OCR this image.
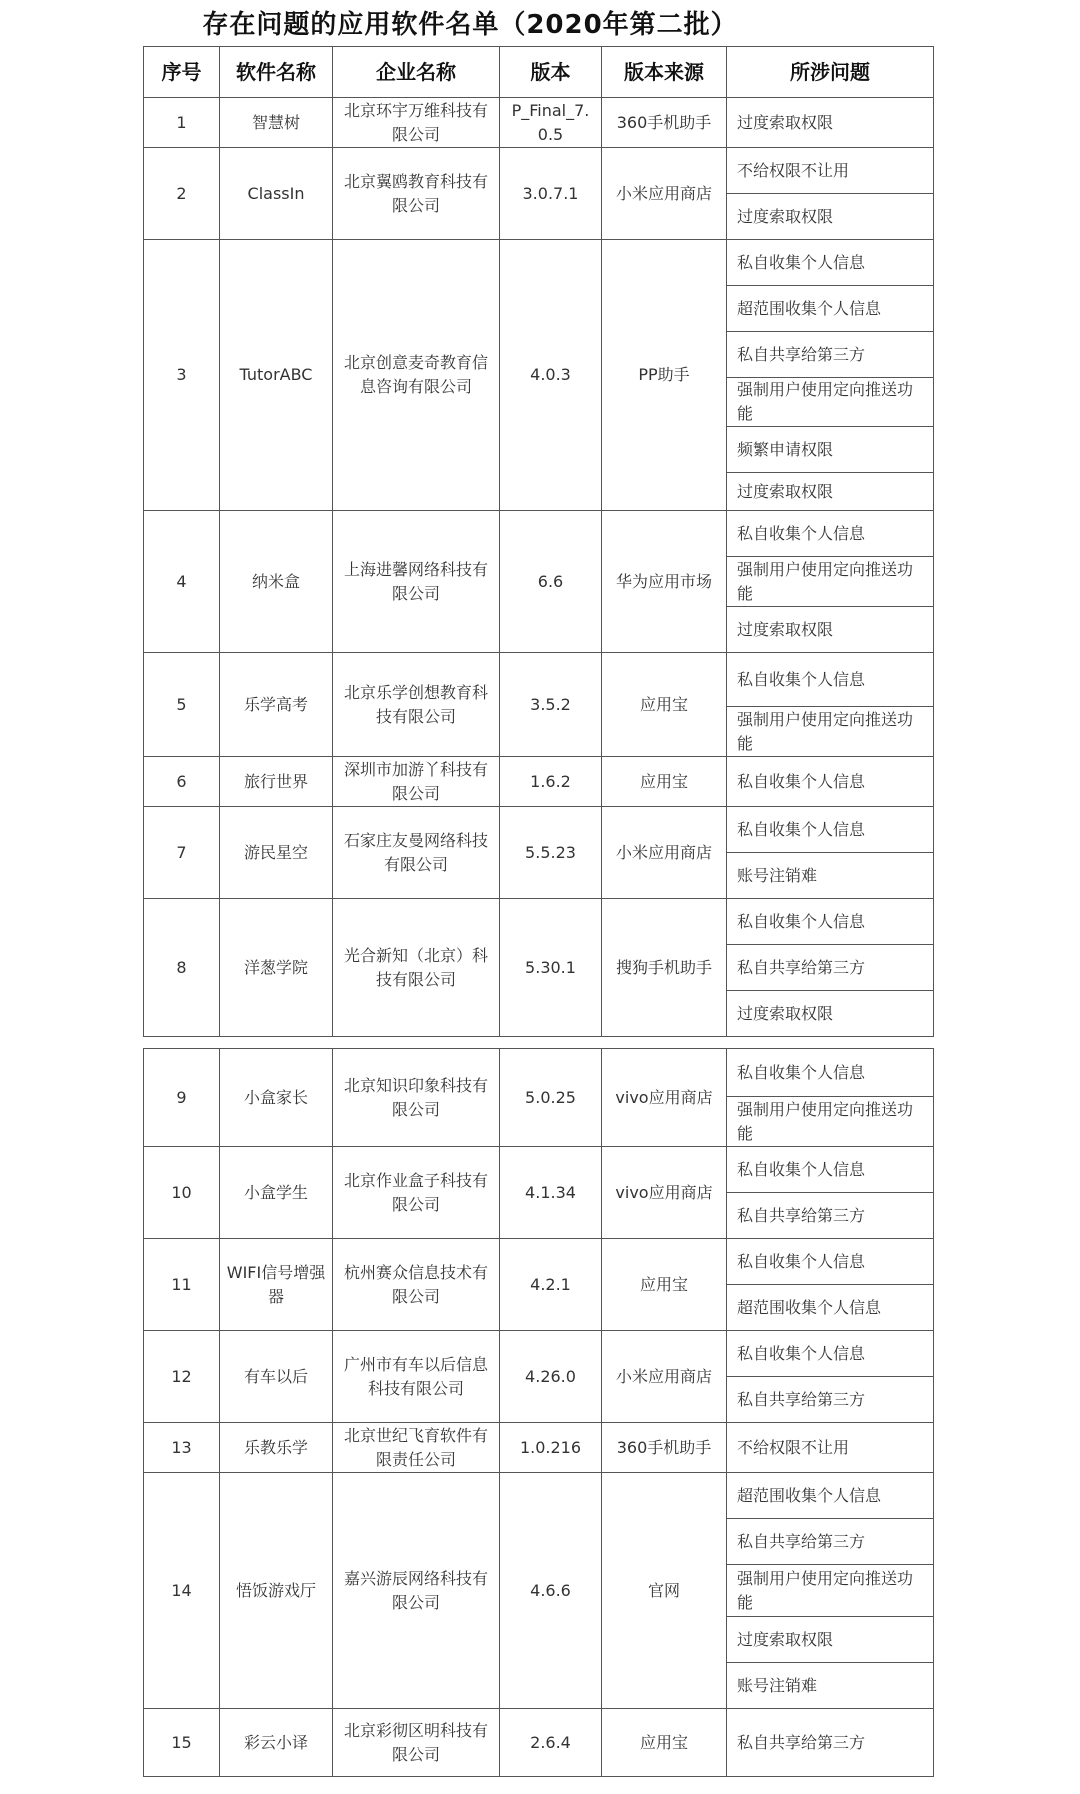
存在问题的应用软件名单（2020年第二批）
序号	软件名称	企业名称	版本	版本来源	所涉问题
1	智慧树	北京环宇万维科技有限公司	P_Final_7.0.5	360手机助手	过度索取权限
2	ClassIn	北京翼鸥教育科技有限公司	3.0.7.1	小米应用商店	不给权限不让用
					过度索取权限
3	TutorABC	北京创意麦奇教育信息咨询有限公司	4.0.3	PP助手	私自收集个人信息
					超范围收集个人信息
					私自共享给第三方
					强制用户使用定向推送功能
					频繁申请权限
					过度索取权限
4	纳米盒	上海进馨网络科技有限公司	6.6	华为应用市场	私自收集个人信息
					强制用户使用定向推送功能
					过度索取权限
5	乐学高考	北京乐学创想教育科技有限公司	3.5.2	应用宝	私自收集个人信息
					强制用户使用定向推送功能
6	旅行世界	深圳市加游丫科技有限公司	1.6.2	应用宝	私自收集个人信息
7	游民星空	石家庄友曼网络科技有限公司	5.5.23	小米应用商店	私自收集个人信息
					账号注销难
8	洋葱学院	光合新知（北京）科技有限公司	5.30.1	搜狗手机助手	私自收集个人信息
					私自共享给第三方
					过度索取权限
9	小盒家长	北京知识印象科技有限公司	5.0.25	vivo应用商店	私自收集个人信息
					强制用户使用定向推送功能
10	小盒学生	北京作业盒子科技有限公司	4.1.34	vivo应用商店	私自收集个人信息
					私自共享给第三方
11	WIFI信号增强器	杭州赛众信息技术有限公司	4.2.1	应用宝	私自收集个人信息
					超范围收集个人信息
12	有车以后	广州市有车以后信息科技有限公司	4.26.0	小米应用商店	私自收集个人信息
					私自共享给第三方
13	乐教乐学	北京世纪飞育软件有限责任公司	1.0.216	360手机助手	不给权限不让用
14	悟饭游戏厅	嘉兴游辰网络科技有限公司	4.6.6	官网	超范围收集个人信息
					私自共享给第三方
					强制用户使用定向推送功能
					过度索取权限
					账号注销难
15	彩云小译	北京彩彻区明科技有限公司	2.6.4	应用宝	私自共享给第三方
